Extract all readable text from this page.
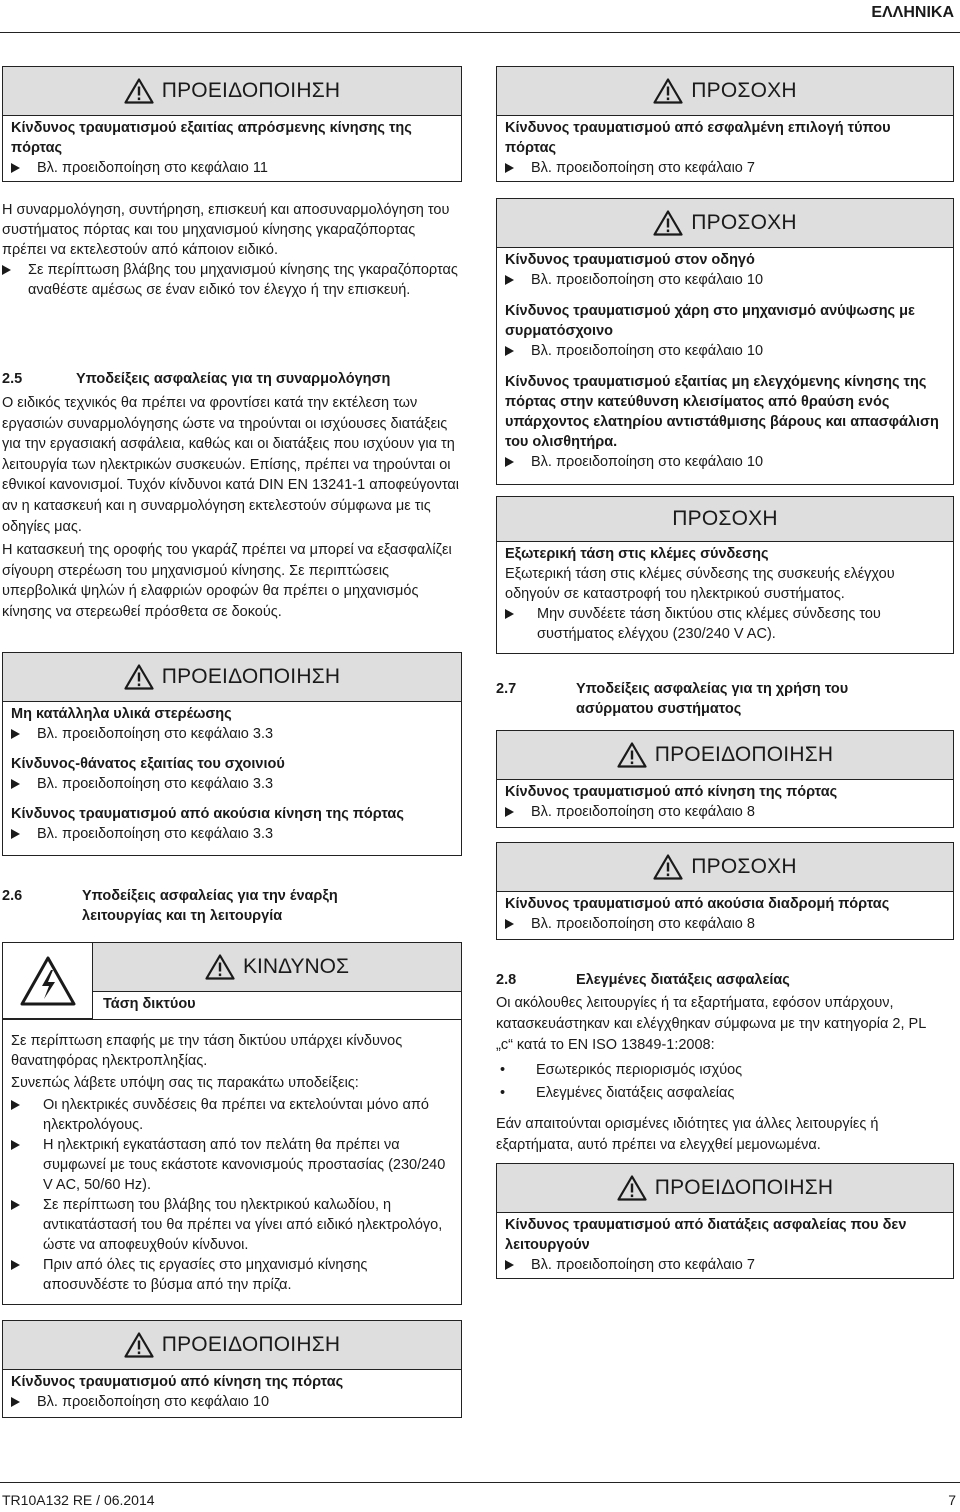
ΕΛΛΗΝΙΚΑ
ΠΡΟΕΙΔΟΠΟΙΗΣΗ
Κίνδυνος τραυματισμού εξαιτίας απρόσμενης κίνησης της πόρτας
Βλ. προειδοποίηση στο κεφάλαιο 11
Η συναρμολόγηση, συντήρηση, επισκευή και αποσυναρμολόγηση του συστήματος πόρτας και του μηχανισμού κίνησης γκαραζόπορτας πρέπει να εκτελεστούν από κάποιον ειδικό.
Σε περίπτωση βλάβης του μηχανισμού κίνησης της γκαραζόπορτας αναθέστε αμέσως σε έναν ειδικό τον έλεγχο ή την επισκευή.
2.5	Υποδείξεις ασφαλείας για τη συναρμολόγηση
Ο ειδικός τεχνικός θα πρέπει να φροντίσει κατά την εκτέλεση των εργασιών συναρμολόγησης ώστε να τηρούνται οι ισχύουσες διατάξεις για την εργασιακή ασφάλεια, καθώς και οι διατάξεις που ισχύουν για τη λειτουργία των ηλεκτρικών συσκευών. Επίσης, πρέπει να τηρούνται οι εθνικοί κανονισμοί. Τυχόν κίνδυνοι κατά DIN EN 13241-1 αποφεύγονται αν η κατασκευή και η συναρμολόγηση εκτελεστούν σύμφωνα με τις οδηγίες μας.
Η κατασκευή της οροφής του γκαράζ πρέπει να μπορεί να εξασφαλίζει σίγουρη στερέωση του μηχανισμού κίνησης. Σε περιπτώσεις υπερβολικά ψηλών ή ελαφριών οροφών θα πρέπει ο μηχανισμός κίνησης να στερεωθεί πρόσθετα σε δοκούς.
ΠΡΟΕΙΔΟΠΟΙΗΣΗ
Μη κατάλληλα υλικά στερέωσης
Βλ. προειδοποίηση στο κεφάλαιο 3.3
Κίνδυνος-θάνατος εξαιτίας του σχοινιού
Βλ. προειδοποίηση στο κεφάλαιο 3.3
Κίνδυνος τραυματισμού από ακούσια κίνηση της πόρτας
Βλ. προειδοποίηση στο κεφάλαιο 3.3
2.6	Υποδείξεις ασφαλείας για την έναρξη λειτουργίας και τη λειτουργία
ΚΙΝΔΥΝΟΣ
Τάση δικτύου
Σε περίπτωση επαφής με την τάση δικτύου υπάρχει κίνδυνος θανατηφόρας ηλεκτροπληξίας.
Συνεπώς λάβετε υπόψη σας τις παρακάτω υποδείξεις:
Οι ηλεκτρικές συνδέσεις θα πρέπει να εκτελούνται μόνο από ηλεκτρολόγους.
Η ηλεκτρική εγκατάσταση από τον πελάτη θα πρέπει να συμφωνεί με τους εκάστοτε κανονισμούς προστασίας (230/240 V AC, 50/60 Hz).
Σε περίπτωση του βλάβης του ηλεκτρικού καλωδίου, η αντικατάστασή του θα πρέπει να γίνει από ειδικό ηλεκτρολόγο, ώστε να αποφευχθούν κίνδυνοι.
Πριν από όλες τις εργασίες στο μηχανισμό κίνησης αποσυνδέστε το βύσμα από την πρίζα.
ΠΡΟΕΙΔΟΠΟΙΗΣΗ
Κίνδυνος τραυματισμού από κίνηση της πόρτας
Βλ. προειδοποίηση στο κεφάλαιο 10
ΠΡΟΣΟΧΗ
Κίνδυνος τραυματισμού από εσφαλμένη επιλογή τύπου πόρτας
Βλ. προειδοποίηση στο κεφάλαιο 7
ΠΡΟΣΟΧΗ
Κίνδυνος τραυματισμού στον οδηγό
Βλ. προειδοποίηση στο κεφάλαιο 10
Κίνδυνος τραυματισμού χάρη στο μηχανισμό ανύψωσης με συρματόσχοινο
Βλ. προειδοποίηση στο κεφάλαιο 10
Κίνδυνος τραυματισμού εξαιτίας μη ελεγχόμενης κίνησης της πόρτας στην κατεύθυνση κλεισίματος από θραύση ενός υπάρχοντος ελατηρίου αντιστάθμισης βάρους και απασφάλιση του ολισθητήρα.
Βλ. προειδοποίηση στο κεφάλαιο 10
ΠΡΟΣΟΧΗ
Εξωτερική τάση στις κλέμες σύνδεσης
Εξωτερική τάση στις κλέμες σύνδεσης της συσκευής ελέγχου οδηγούν σε καταστροφή του ηλεκτρικού συστήματος.
Μην συνδέετε τάση δικτύου στις κλέμες σύνδεσης του συστήματος ελέγχου (230/240 V AC).
2.7	Υποδείξεις ασφαλείας για τη χρήση του ασύρματου συστήματος
ΠΡΟΕΙΔΟΠΟΙΗΣΗ
Κίνδυνος τραυματισμού από κίνηση της πόρτας
Βλ. προειδοποίηση στο κεφάλαιο 8
ΠΡΟΣΟΧΗ
Κίνδυνος τραυματισμού από ακούσια διαδρομή πόρτας
Βλ. προειδοποίηση στο κεφάλαιο 8
2.8	Ελεγμένες διατάξεις ασφαλείας
Οι ακόλουθες λειτουργίες ή τα εξαρτήματα, εφόσον υπάρχουν, κατασκευάστηκαν και ελέγχθηκαν σύμφωνα με την κατηγορία 2, PL „c“ κατά το EN ISO 13849-1:2008:
•	Εσωτερικός περιορισμός ισχύος
•	Ελεγμένες διατάξεις ασφαλείας
Εάν απαιτούνται ορισμένες ιδιότητες για άλλες λειτουργίες ή εξαρτήματα, αυτό πρέπει να ελεγχθεί μεμονωμένα.
ΠΡΟΕΙΔΟΠΟΙΗΣΗ
Κίνδυνος τραυματισμού από διατάξεις ασφαλείας που δεν λειτουργούν
Βλ. προειδοποίηση στο κεφάλαιο 7
TR10A132 RE / 06.2014	7
